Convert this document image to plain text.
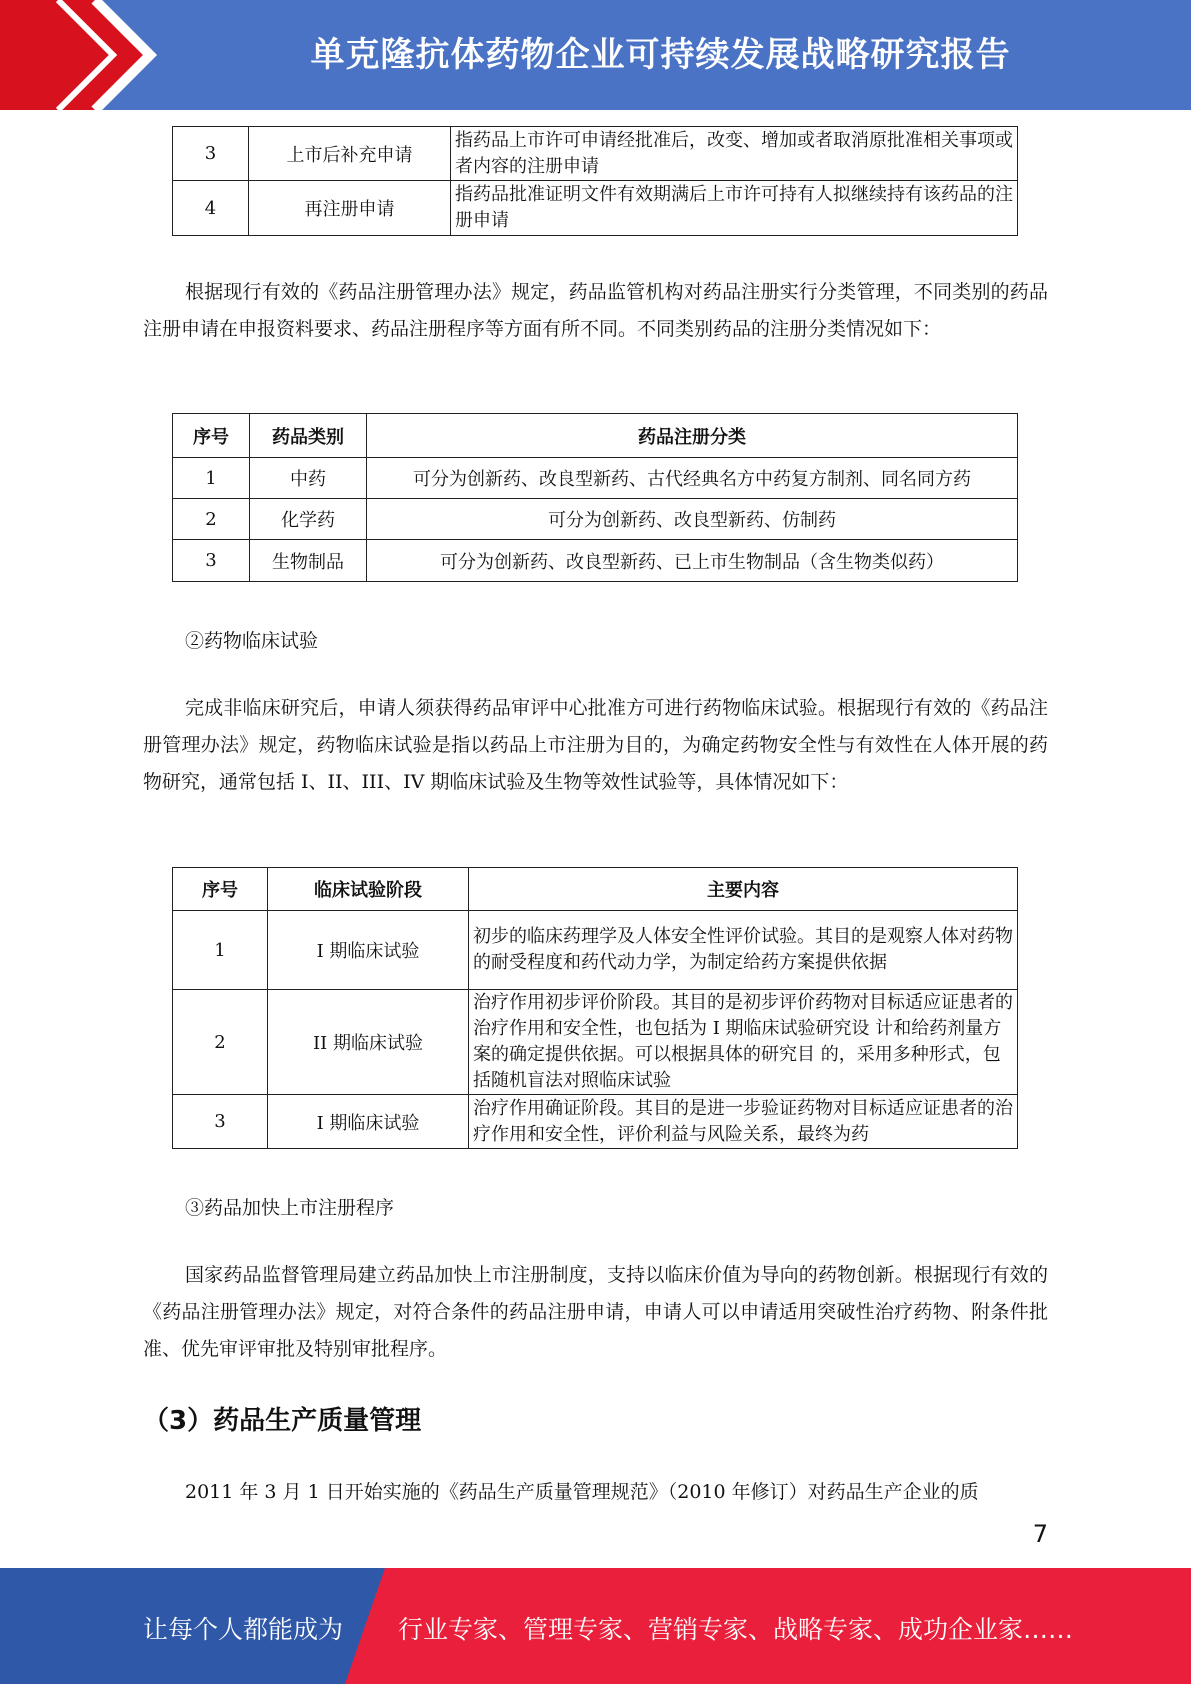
单克隆抗体药物企业可持续发展战略研究报告
3	上市后补充申请	指药品上市许可申请经批准后，改变、增加或者取消原批准相关事项或者内容的注册申请
4	再注册申请	指药品批准证明文件有效期满后上市许可持有人拟继续持有该药品的注册申请

根据现行有效的《药品注册管理办法》规定，药品监管机构对药品注册实行分类管理，不同类别的药品注册申请在申报资料要求、药品注册程序等方面有所不同。不同类别药品的注册分类情况如下：

序号	药品类别	药品注册分类
1	中药	可分为创新药、改良型新药、古代经典名方中药复方制剂、同名同方药
2	化学药	可分为创新药、改良型新药、仿制药
3	生物制品	可分为创新药、改良型新药、已上市生物制品（含生物类似药）

②药物临床试验

完成非临床研究后，申请人须获得药品审评中心批准方可进行药物临床试验。根据现行有效的《药品注册管理办法》规定，药物临床试验是指以药品上市注册为目的，为确定药物安全性与有效性在人体开展的药物研究，通常包括 I、II、III、IV 期临床试验及生物等效性试验等，具体情况如下：

序号	临床试验阶段	主要内容
1	I 期临床试验	初步的临床药理学及人体安全性评价试验。其目的是观察人体对药物的耐受程度和药代动力学，为制定给药方案提供依据
2	II 期临床试验	治疗作用初步评价阶段。其目的是初步评价药物对目标适应证患者的治疗作用和安全性，也包括为 I 期临床试验研究设 计和给药剂量方案的确定提供依据。可以根据具体的研究目 的，采用多种形式，包括随机盲法对照临床试验
3	I 期临床试验	治疗作用确证阶段。其目的是进一步验证药物对目标适应证患者的治疗作用和安全性，评价利益与风险关系，最终为药

③药品加快上市注册程序

国家药品监督管理局建立药品加快上市注册制度，支持以临床价值为导向的药物创新。根据现行有效的《药品注册管理办法》规定，对符合条件的药品注册申请，申请人可以申请适用突破性治疗药物、附条件批准、优先审评审批及特别审批程序。

（3）药品生产质量管理

2011 年 3 月 1 日开始实施的《药品生产质量管理规范》（2010 年修订）对药品生产企业的质

7
让每个人都能成为 行业专家、管理专家、营销专家、战略专家、成功企业家……
